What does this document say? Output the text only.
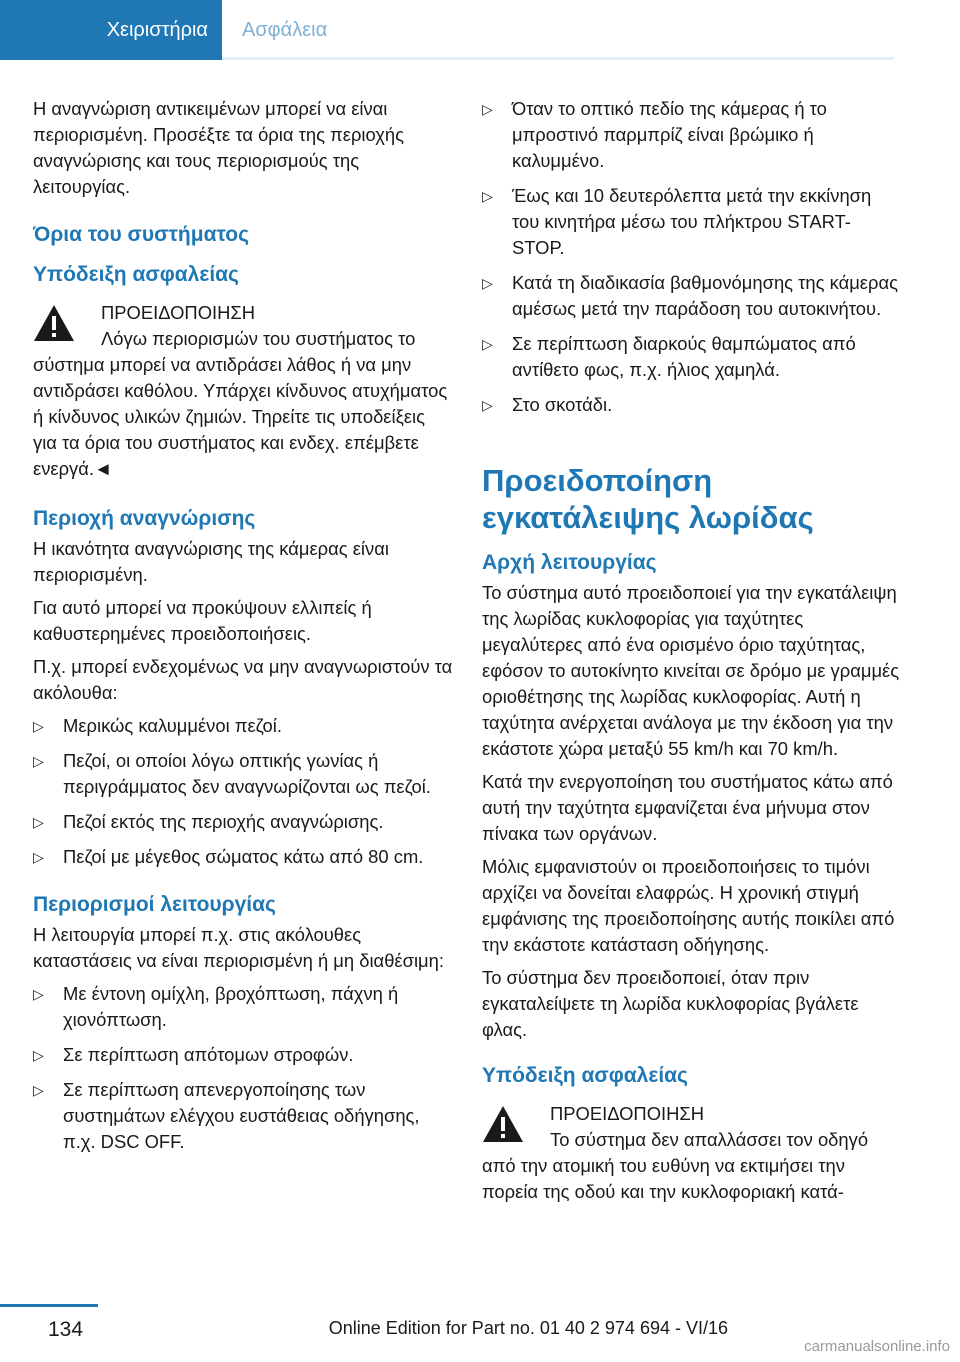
Χειριστήρια	Ασφάλεια

Η αναγνώριση αντικειμένων μπορεί να είναι περιορισμένη. Προσέξτε τα όρια της περιοχής αναγνώρισης και τους περιορισμούς της λειτουργίας.

Όρια του συστήματος
Υπόδειξη ασφαλείας

ΠΡΟΕΙΔΟΠΟΙΗΣΗ

Λόγω περιορισμών του συστήματος το

σύστημα μπορεί να αντιδράσει λάθος ή να μην αντιδράσει καθόλου. Υπάρχει κίνδυνος ατυχήματος ή κίνδυνος υλικών ζημιών. Τηρείτε τις υποδείξεις για τα όρια του συστήματος και ενδεχ. επέμβετε ενεργά.◄

Περιοχή αναγνώρισης

Η ικανότητα αναγνώρισης της κάμερας είναι περιορισμένη.

Για αυτό μπορεί να προκύψουν ελλιπείς ή καθυστερημένες προειδοποιήσεις.

Π.χ. μπορεί ενδεχομένως να μην αναγνωριστούν τα ακόλουθα:

▷ Μερικώς καλυμμένοι πεζοί.
▷ Πεζοί, οι οποίοι λόγω οπτικής γωνίας ή περιγράμματος δεν αναγνωρίζονται ως πεζοί.
▷ Πεζοί εκτός της περιοχής αναγνώρισης.
▷ Πεζοί με μέγεθος σώματος κάτω από 80 cm.
Περιορισμοί λειτουργίας

Η λειτουργία μπορεί π.χ. στις ακόλουθες καταστάσεις να είναι περιορισμένη ή μη διαθέσιμη:

▷ Με έντονη ομίχλη, βροχόπτωση, πάχνη ή χιονόπτωση.
▷ Σε περίπτωση απότομων στροφών.
▷ Σε περίπτωση απενεργοποίησης των συστημάτων ελέγχου ευστάθειας οδήγησης, π.χ. DSC OFF.
▷ Όταν το οπτικό πεδίο της κάμερας ή το μπροστινό παρμπρίζ είναι βρώμικο ή καλυμμένο.
▷ Έως και 10 δευτερόλεπτα μετά την εκκίνηση του κινητήρα μέσω του πλήκτρου START-STOP.
▷ Κατά τη διαδικασία βαθμονόμησης της κάμερας αμέσως μετά την παράδοση του αυτοκινήτου.
▷ Σε περίπτωση διαρκούς θαμπώματος από αντίθετο φως, π.χ. ήλιος χαμηλά.
▷ Στο σκοτάδι.
Προειδοποίηση εγκατάλειψης λωρίδας
Αρχή λειτουργίας

Το σύστημα αυτό προειδοποιεί για την εγκατάλειψη της λωρίδας κυκλοφορίας για ταχύτητες μεγαλύτερες από ένα ορισμένο όριο ταχύτητας, εφόσον το αυτοκίνητο κινείται σε δρόμο με γραμμές οριοθέτησης της λωρίδας κυκλοφορίας. Αυτή η ταχύτητα ανέρχεται ανάλογα με την έκδοση για την εκάστοτε χώρα μεταξύ 55 km/h και 70 km/h.

Κατά την ενεργοποίηση του συστήματος κάτω από αυτή την ταχύτητα εμφανίζεται ένα μήνυμα στον πίνακα των οργάνων.

Μόλις εμφανιστούν οι προειδοποιήσεις το τιμόνι αρχίζει να δονείται ελαφρώς. Η χρονική στιγμή εμφάνισης της προειδοποίησης αυτής ποικίλει από την εκάστοτε κατάσταση οδήγησης.

Το σύστημα δεν προειδοποιεί, όταν πριν εγκαταλείψετε τη λωρίδα κυκλοφορίας βγάλετε φλας.

Υπόδειξη ασφαλείας

ΠΡΟΕΙΔΟΠΟΙΗΣΗ

Το σύστημα δεν απαλλάσσει τον οδηγό

από την ατομική του ευθύνη να εκτιμήσει την πορεία της οδού και την κυκλοφοριακή κατά-

134	Online Edition for Part no. 01 40 2 974 694 - VI/16
carmanualsonline.info
